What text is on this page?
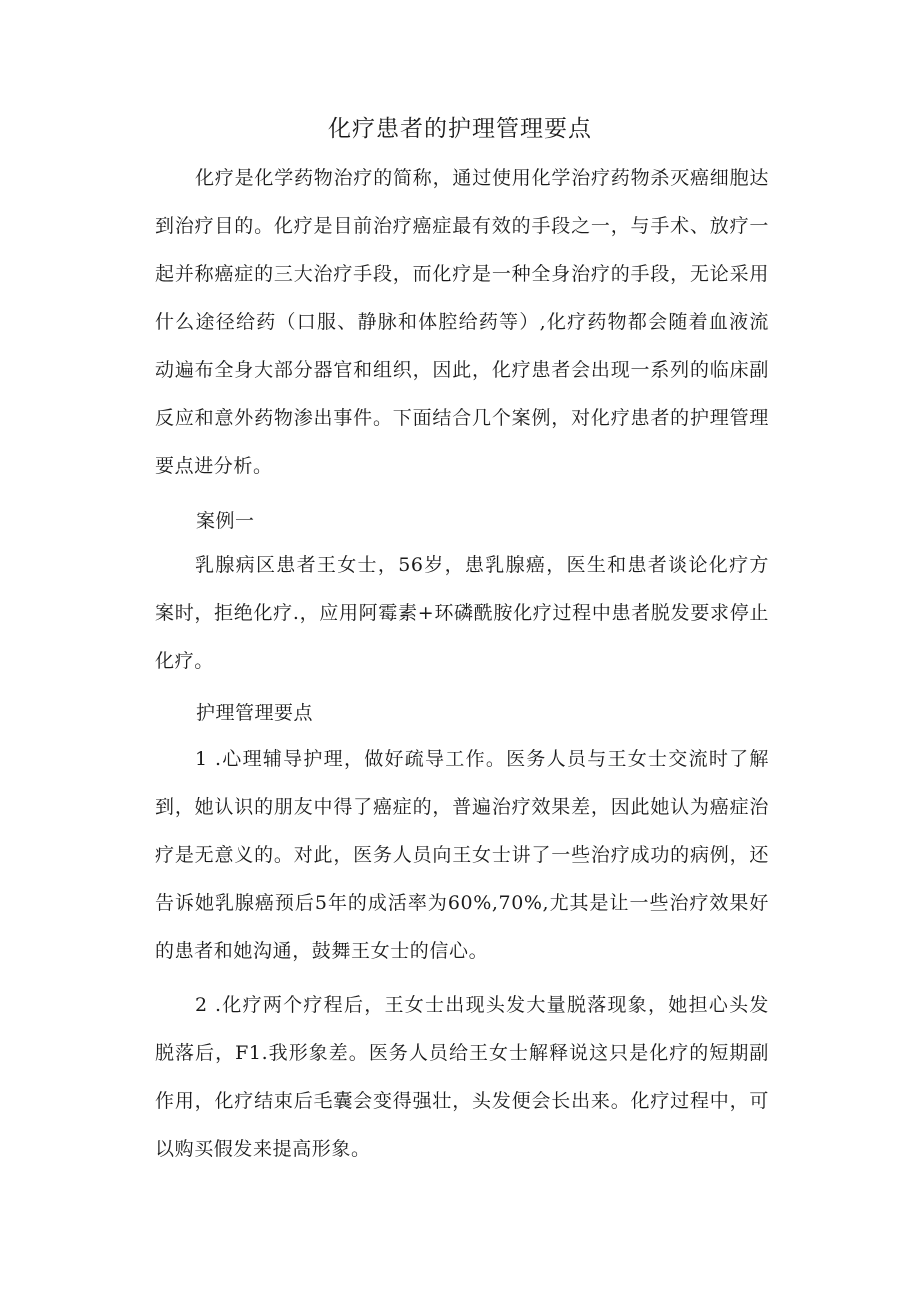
化疗患者的护理管理要点

化疗是化学药物治疗的简称，通过使用化学治疗药物杀灭癌细胞达到治疗目的。化疗是目前治疗癌症最有效的手段之一，与手术、放疗一起并称癌症的三大治疗手段，而化疗是一种全身治疗的手段，无论采用什么途径给药（口服、静脉和体腔给药等）,化疗药物都会随着血液流动遍布全身大部分器官和组织，因此，化疗患者会出现一系列的临床副反应和意外药物渗出事件。下面结合几个案例，对化疗患者的护理管理要点进分析。

案例一

乳腺病区患者王女士，56岁，患乳腺癌，医生和患者谈论化疗方案时，拒绝化疗.，应用阿霉素+环磷酰胺化疗过程中患者脱发要求停止化疗。

护理管理要点

1 .心理辅导护理，做好疏导工作。医务人员与王女士交流时了解到，她认识的朋友中得了癌症的，普遍治疗效果差，因此她认为癌症治疗是无意义的。对此，医务人员向王女士讲了一些治疗成功的病例，还告诉她乳腺癌预后5年的成活率为60%,70%,尤其是让一些治疗效果好的患者和她沟通，鼓舞王女士的信心。

2 .化疗两个疗程后，王女士出现头发大量脱落现象，她担心头发脱落后，F1.我形象差。医务人员给王女士解释说这只是化疗的短期副作用，化疗结束后毛囊会变得强壮，头发便会长出来。化疗过程中，可以购买假发来提高形象。
